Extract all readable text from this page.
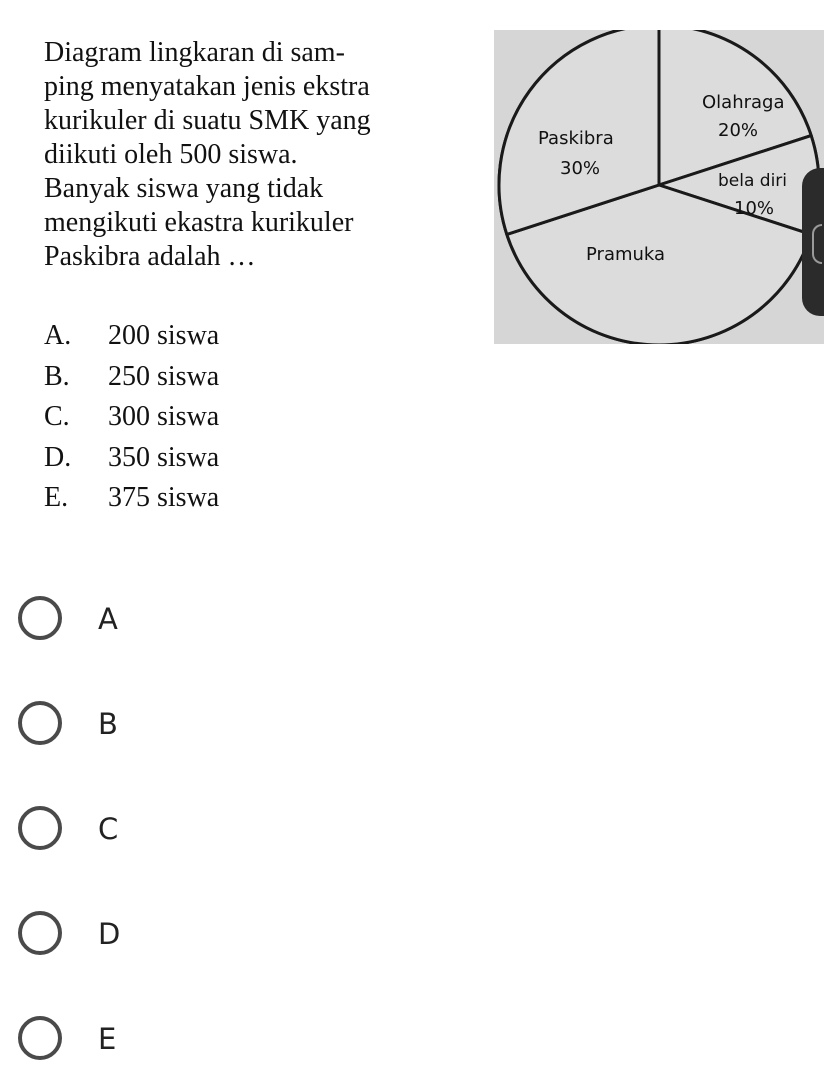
Diagram lingkaran di sam-
ping menyatakan jenis ekstra
kurikuler di suatu SMK yang
diikuti oleh 500 siswa.
Banyak siswa yang tidak
mengikuti ekastra kurikuler
Paskibra adalah …
A.	200 siswa
B.	250 siswa
C.	300 siswa
D.	350 siswa
E.	375 siswa
Olahraga
20%
bela diri
10%
Paskibra
30%
Pramuka
A
B
C
D
E
